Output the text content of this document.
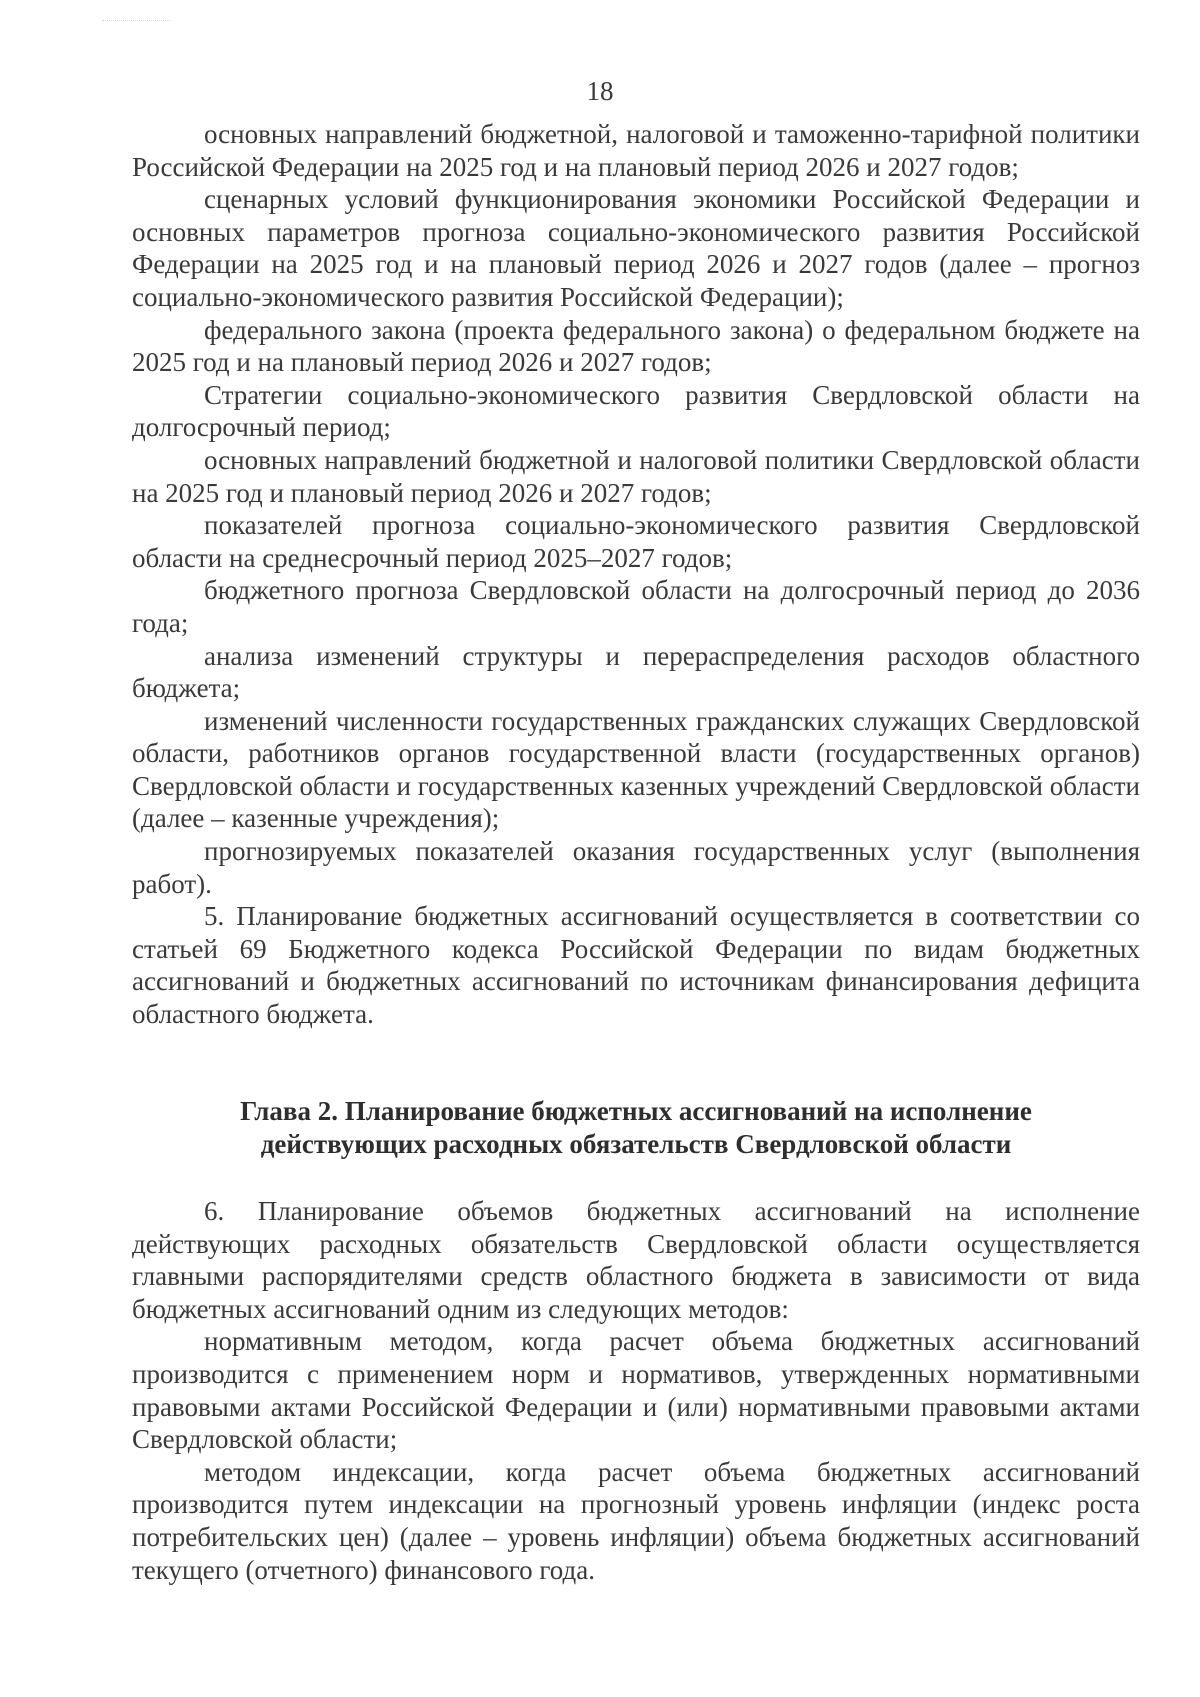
18

основных направлений бюджетной, налоговой и таможенно-тарифной политики Российской Федерации на 2025 год и на плановый период 2026 и 2027 годов;

сценарных условий функционирования экономики Российской Федерации и основных параметров прогноза социально-экономического развития Российской Федерации на 2025 год и на плановый период 2026 и 2027 годов (далее – прогноз социально-экономического развития Российской Федерации);

федерального закона (проекта федерального закона) о федеральном бюджете на 2025 год и на плановый период 2026 и 2027 годов;

Стратегии социально-экономического развития Свердловской области на долгосрочный период;

основных направлений бюджетной и налоговой политики Свердловской области на 2025 год и плановый период 2026 и 2027 годов;

показателей прогноза социально-экономического развития Свердловской области на среднесрочный период 2025–2027 годов;

бюджетного прогноза Свердловской области на долгосрочный период до 2036 года;

анализа изменений структуры и перераспределения расходов областного бюджета;

изменений численности государственных гражданских служащих Свердловской области, работников органов государственной власти (государственных органов) Свердловской области и государственных казенных учреждений Свердловской области (далее – казенные учреждения);

прогнозируемых показателей оказания государственных услуг (выполнения работ).

5. Планирование бюджетных ассигнований осуществляется в соответствии со статьей 69 Бюджетного кодекса Российской Федерации по видам бюджетных ассигнований и бюджетных ассигнований по источникам финансирования дефицита областного бюджета.

Глава 2. Планирование бюджетных ассигнований на исполнение
действующих расходных обязательств Свердловской области

6. Планирование объемов бюджетных ассигнований на исполнение действующих расходных обязательств Свердловской области осуществляется главными распорядителями средств областного бюджета в зависимости от вида бюджетных ассигнований одним из следующих методов:

нормативным методом, когда расчет объема бюджетных ассигнований производится с применением норм и нормативов, утвержденных нормативными правовыми актами Российской Федерации и (или) нормативными правовыми актами Свердловской области;

методом индексации, когда расчет объема бюджетных ассигнований производится путем индексации на прогнозный уровень инфляции (индекс роста потребительских цен) (далее – уровень инфляции) объема бюджетных ассигнований текущего (отчетного) финансового года.
